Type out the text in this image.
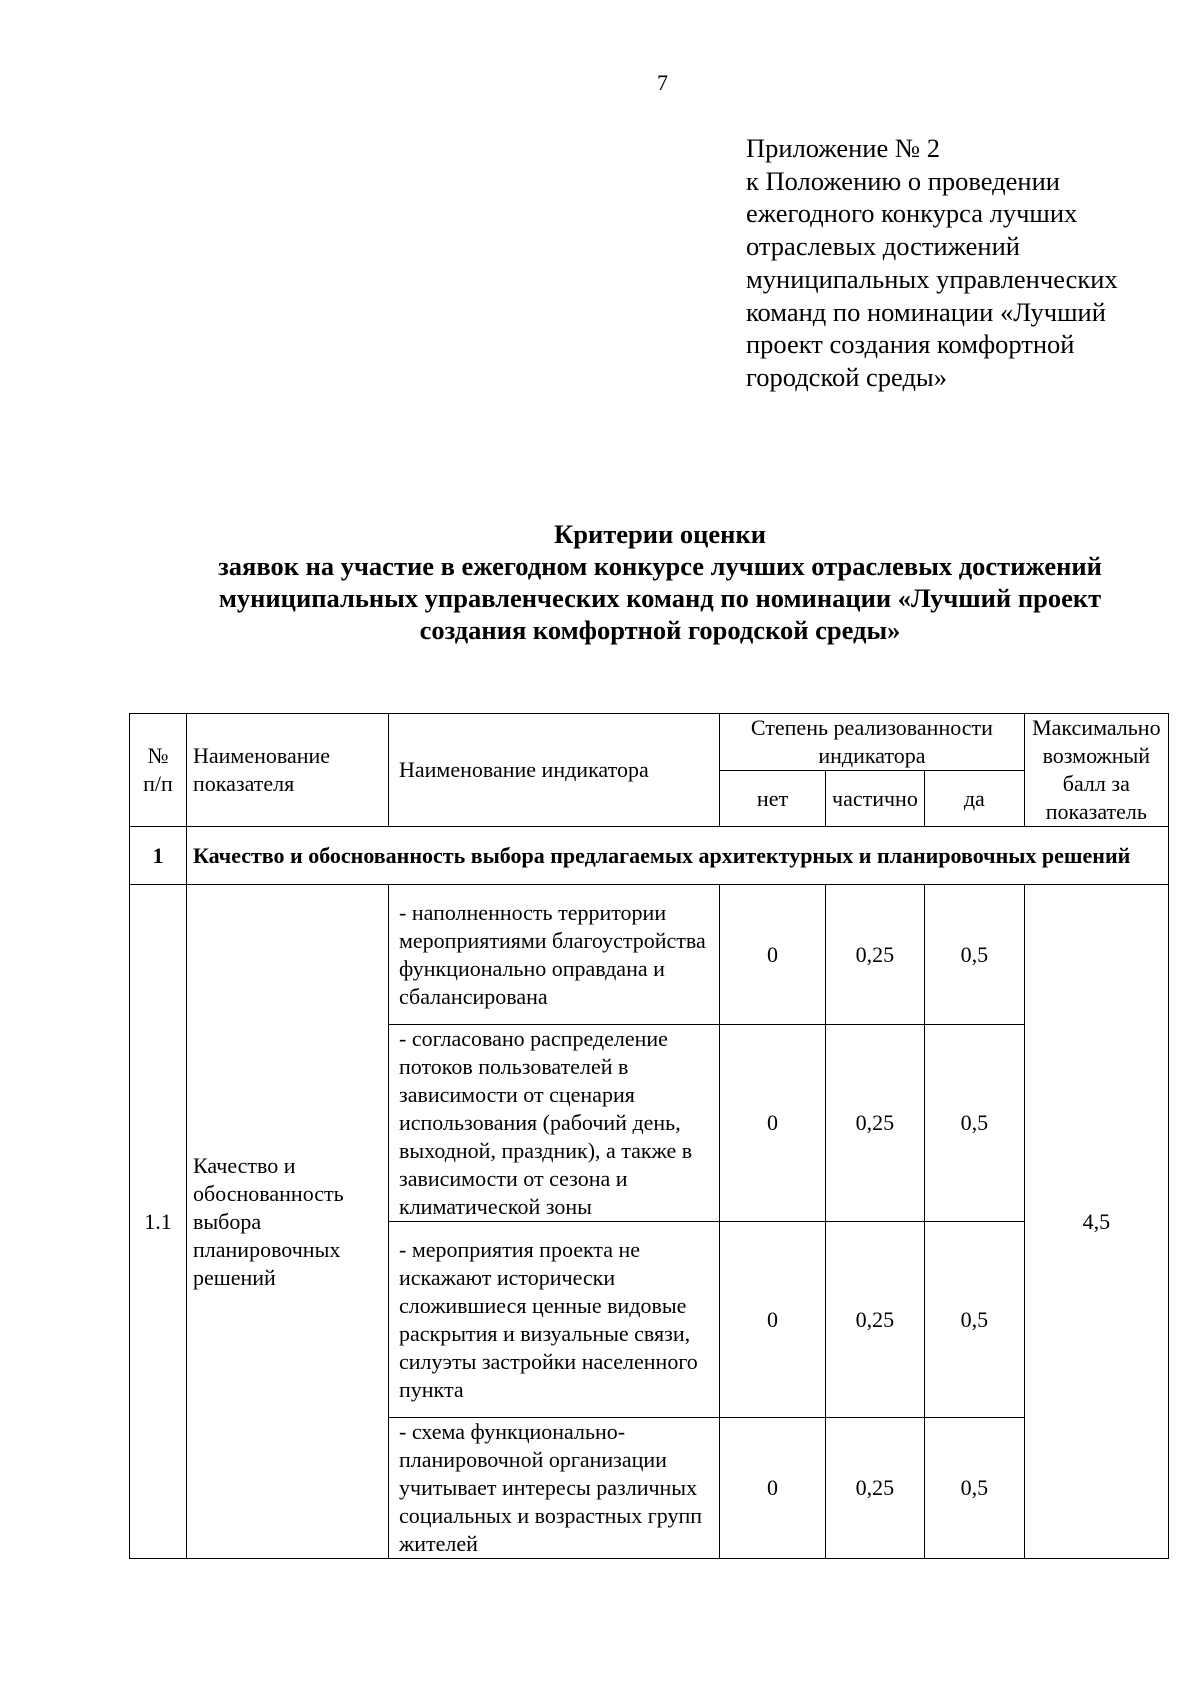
7
Приложение № 2
к Положению о проведении
ежегодного конкурса лучших
отраслевых достижений
муниципальных управленческих
команд по номинации «Лучший
проект создания комфортной
городской среды»
Критерии оценки
заявок на участие в ежегодном конкурсе лучших отраслевых достижений
муниципальных управленческих команд по номинации «Лучший проект
создания комфортной городской среды»
№ п/п	Наименование показателя	Наименование индикатора	Степень реализованности индикатора			Максимально возможный балл за показатель
			нет	частично	да	
1	Качество и обоснованность выбора предлагаемых архитектурных и планировочных решений					
1.1	Качество и обоснованность выбора планировочных решений	- наполненность территории мероприятиями благоустройства функционально оправдана и сбалансирована	0	0,25	0,5	4,5
		- согласовано распределение потоков пользователей в зависимости от сценария использования (рабочий день, выходной, праздник), а также в зависимости от сезона и климатической зоны	0	0,25	0,5	
		- мероприятия проекта не искажают исторически сложившиеся ценные видовые раскрытия и визуальные связи, силуэты застройки населенного пункта	0	0,25	0,5	
		- схема функционально-планировочной организации учитывает интересы различных социальных и возрастных групп жителей	0	0,25	0,5	
